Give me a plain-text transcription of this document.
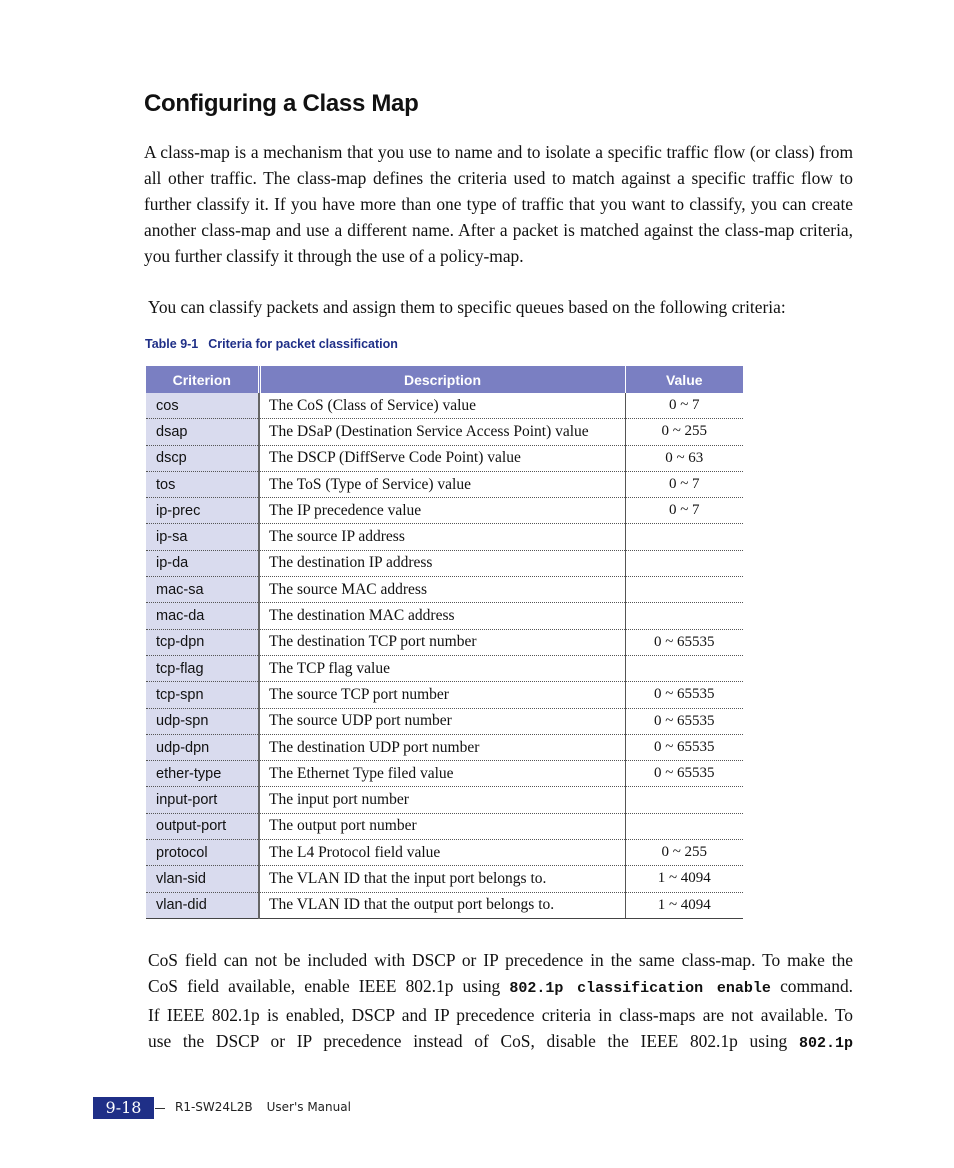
Configuring a Class Map
A class-map is a mechanism that you use to name and to isolate a specific traffic flow (or class) from all other traffic. The class-map defines the criteria used to match against a specific traffic flow to further classify it. If you have more than one type of traffic that you want to classify, you can create another class-map and use a different name. After a packet is matched against the class-map criteria, you further classify it through the use of a policy-map.
You can classify packets and assign them to specific queues based on the following criteria:
Table 9-1 Criteria for packet classification
Criterion	Description	Value
cos	The CoS (Class of Service) value	0 ~ 7
dsap	The DSaP (Destination Service Access Point) value	0 ~ 255
dscp	The DSCP (DiffServe Code Point) value	0 ~ 63
tos	The ToS (Type of Service) value	0 ~ 7
ip-prec	The IP precedence value	0 ~ 7
ip-sa	The source IP address	
ip-da	The destination IP address	
mac-sa	The source MAC address	
mac-da	The destination MAC address	
tcp-dpn	The destination TCP port number	0 ~ 65535
tcp-flag	The TCP flag value	
tcp-spn	The source TCP port number	0 ~ 65535
udp-spn	The source UDP port number	0 ~ 65535
udp-dpn	The destination UDP port number	0 ~ 65535
ether-type	The Ethernet Type filed value	0 ~ 65535
input-port	The input port number	
output-port	The output port number	
protocol	The L4 Protocol field value	0 ~ 255
vlan-sid	The VLAN ID that the input port belongs to.	1 ~ 4094
vlan-did	The VLAN ID that the output port belongs to.	1 ~ 4094
CoS field can not be included with DSCP or IP precedence in the same class-map. To make the
CoS field available, enable IEEE 802.1p using 802.1p classification enable command.
If IEEE 802.1p is enabled, DSCP and IP precedence criteria in class-maps are not available. To
use the DSCP or IP precedence instead of CoS, disable the IEEE 802.1p using 802.1p
9-18	R1-SW24L2B User's Manual
